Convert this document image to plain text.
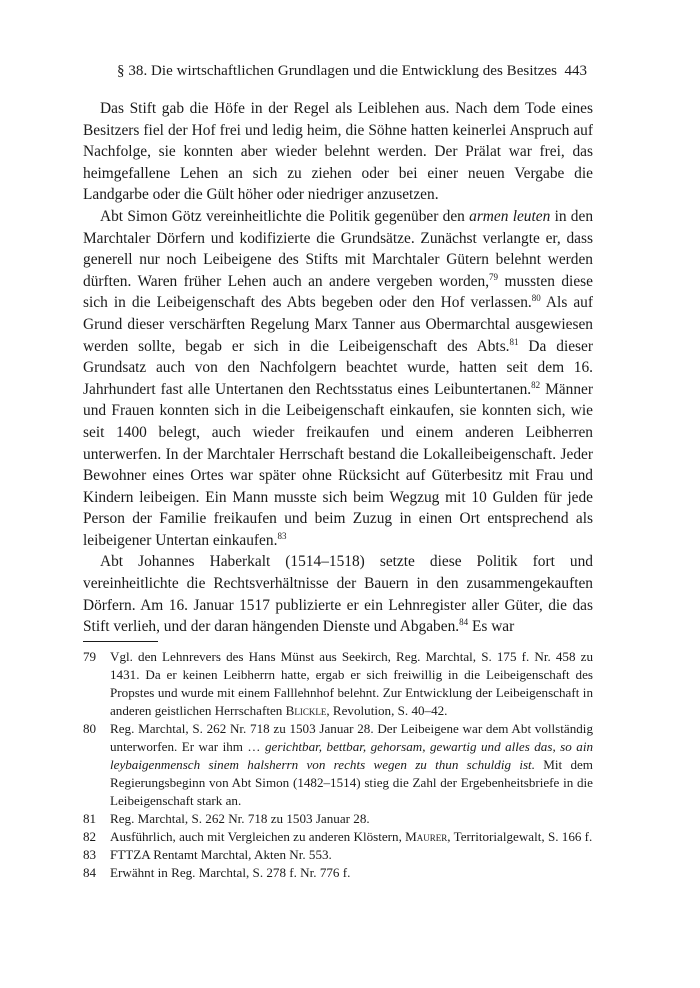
§ 38. Die wirtschaftlichen Grundlagen und die Entwicklung des Besitzes 443

Das Stift gab die Höfe in der Regel als Leiblehen aus. Nach dem Tode eines Besitzers fiel der Hof frei und ledig heim, die Söhne hatten keinerlei Anspruch auf Nachfolge, sie konnten aber wieder belehnt werden. Der Prälat war frei, das heimgefallene Lehen an sich zu ziehen oder bei einer neuen Vergabe die Landgarbe oder die Gült höher oder niedriger anzusetzen.

Abt Simon Götz vereinheitlichte die Politik gegenüber den armen leuten in den Marchtaler Dörfern und kodifizierte die Grundsätze. Zunächst verlangte er, dass generell nur noch Leibeigene des Stifts mit Marchtaler Gütern belehnt werden dürften. Waren früher Lehen auch an andere vergeben worden,$^{79}$ mussten diese sich in die Leibeigenschaft des Abts begeben oder den Hof verlassen.$^{80}$ Als auf Grund dieser verschärften Regelung Marx Tanner aus Obermarchtal ausgewiesen werden sollte, begab er sich in die Leibeigenschaft des Abts.$^{81}$ Da dieser Grundsatz auch von den Nachfolgern beachtet wurde, hatten seit dem 16. Jahrhundert fast alle Untertanen den Rechtsstatus eines Leibuntertanen.$^{82}$ Männer und Frauen konnten sich in die Leibeigenschaft einkaufen, sie konnten sich, wie seit 1400 belegt, auch wieder freikaufen und einem anderen Leibherren unterwerfen. In der Marchtaler Herrschaft bestand die Lokalleibeigenschaft. Jeder Bewohner eines Ortes war später ohne Rücksicht auf Güterbesitz mit Frau und Kindern leibeigen. Ein Mann musste sich beim Wegzug mit 10 Gulden für jede Person der Familie freikaufen und beim Zuzug in einen Ort entsprechend als leibeigener Untertan einkaufen.$^{83}$

Abt Johannes Haberkalt (1514–1518) setzte diese Politik fort und vereinheitlichte die Rechtsverhältnisse der Bauern in den zusammengekauften Dörfern. Am 16. Januar 1517 publizierte er ein Lehnregister aller Güter, die das Stift verlieh, und der daran hängenden Dienste und Abgaben.$^{84}$ Es war

79	Vgl. den Lehnrevers des Hans Münst aus Seekirch, Reg. Marchtal, S. 175 f. Nr. 458 zu 1431. Da er keinen Leibherrn hatte, ergab er sich freiwillig in die Leibeigenschaft des Propstes und wurde mit einem Falllehnhof belehnt. Zur Entwicklung der Leibeigenschaft in anderen geistlichen Herrschaften Blickle, Revolution, S. 40–42.
80	Reg. Marchtal, S. 262 Nr. 718 zu 1503 Januar 28. Der Leibeigene war dem Abt vollständig unterworfen. Er war ihm … gerichtbar, bettbar, gehorsam, gewartig und alles das, so ain leybaigenmensch sinem halsherrn von rechts wegen zu thun schuldig ist. Mit dem Regierungsbeginn von Abt Simon (1482–1514) stieg die Zahl der Ergebenheitsbriefe in die Leibeigenschaft stark an.
81	Reg. Marchtal, S. 262 Nr. 718 zu 1503 Januar 28.
82	Ausführlich, auch mit Vergleichen zu anderen Klöstern, Maurer, Territorialgewalt, S. 166 f.
83	FTTZA Rentamt Marchtal, Akten Nr. 553.
84	Erwähnt in Reg. Marchtal, S. 278 f. Nr. 776 f.
